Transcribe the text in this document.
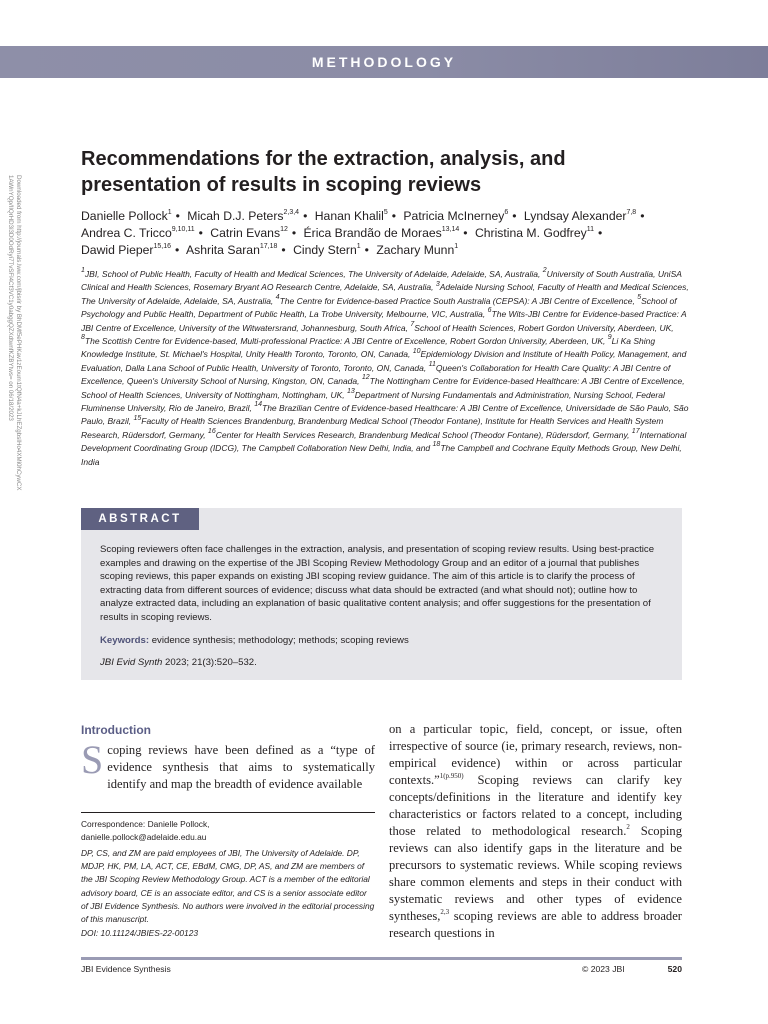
METHODOLOGY
Downloaded from http://journals.lww.com/jbisrir by BhDMf5ePHKav1zEoum1tQfN4a+kJLhEZgbsIHo4XMi0hCywCX
1AWnYQp/IlQrHD3i3D0OdRyi7TvSFl4Cf3VC1y0abggQZXdtwnfKZBYtws= on 06/18/2023
Recommendations for the extraction, analysis, and presentation of results in scoping reviews
Danielle Pollock$^1$ • Micah D.J. Peters$^{2,3,4}$ • Hanan Khalil$^5$ • Patricia McInerney$^6$ • Lyndsay Alexander$^{7,8}$ •
Andrea C. Tricco$^{9,10,11}$ • Catrin Evans$^{12}$ • Érica Brandão de Moraes$^{13,14}$ • Christina M. Godfrey$^{11}$ •
Dawid Pieper$^{15,16}$ • Ashrita Saran$^{17,18}$ • Cindy Stern$^1$ • Zachary Munn$^1$
$^1$JBI, School of Public Health, Faculty of Health and Medical Sciences, The University of Adelaide, Adelaide, SA, Australia, $^2$University of South Australia, UniSA Clinical and Health Sciences, Rosemary Bryant AO Research Centre, Adelaide, SA, Australia, $^3$Adelaide Nursing School, Faculty of Health and Medical Sciences, The University of Adelaide, Adelaide, SA, Australia, $^4$The Centre for Evidence-based Practice South Australia (CEPSA): A JBI Centre of Excellence, $^5$School of Psychology and Public Health, Department of Public Health, La Trobe University, Melbourne, VIC, Australia, $^6$The Wits-JBI Centre for Evidence-based Practice: A JBI Centre of Excellence, University of the Witwatersrand, Johannesburg, South Africa, $^7$School of Health Sciences, Robert Gordon University, Aberdeen, UK, $^8$The Scottish Centre for Evidence-based, Multi-professional Practice: A JBI Centre of Excellence, Robert Gordon University, Aberdeen, UK, $^9$Li Ka Shing Knowledge Institute, St. Michael's Hospital, Unity Health Toronto, Toronto, ON, Canada, $^{10}$Epidemiology Division and Institute of Health Policy, Management, and Evaluation, Dalla Lana School of Public Health, University of Toronto, Toronto, ON, Canada, $^{11}$Queen's Collaboration for Health Care Quality: A JBI Centre of Excellence, Queen's University School of Nursing, Kingston, ON, Canada, $^{12}$The Nottingham Centre for Evidence-based Healthcare: A JBI Centre of Excellence, School of Health Sciences, University of Nottingham, Nottingham, UK, $^{13}$Department of Nursing Fundamentals and Administration, Nursing School, Federal Fluminense University, Rio de Janeiro, Brazil, $^{14}$The Brazilian Centre of Evidence-based Healthcare: A JBI Centre of Excellence, Universidade de São Paulo, São Paulo, Brazil, $^{15}$Faculty of Health Sciences Brandenburg, Brandenburg Medical School (Theodor Fontane), Institute for Health Services and Health System Research, Rüdersdorf, Germany, $^{16}$Center for Health Services Research, Brandenburg Medical School (Theodor Fontane), Rüdersdorf, Germany, $^{17}$International Development Coordinating Group (IDCG), The Campbell Collaboration New Delhi, India, and $^{18}$The Campbell and Cochrane Equity Methods Group, New Delhi, India
ABSTRACT

Scoping reviewers often face challenges in the extraction, analysis, and presentation of scoping review results. Using best-practice examples and drawing on the expertise of the JBI Scoping Review Methodology Group and an editor of a journal that publishes scoping reviews, this paper expands on existing JBI scoping review guidance. The aim of this article is to clarify the process of extracting data from different sources of evidence; discuss what data should be extracted (and what should not); outline how to analyze extracted data, including an explanation of basic qualitative content analysis; and offer suggestions for the presentation of results in scoping reviews.

Keywords: evidence synthesis; methodology; methods; scoping reviews

JBI Evid Synth 2023; 21(3):520–532.

Introduction
Scoping reviews have been defined as a “type of evidence synthesis that aims to systematically identify and map the breadth of evidence available
Correspondence: Danielle Pollock,
danielle.pollock@adelaide.edu.au

DP, CS, and ZM are paid employees of JBI, The University of Adelaide. DP, MDJP, HK, PM, LA, ACT, CE, EBdM, CMG, DP, AS, and ZM are members of the JBI Scoping Review Methodology Group. ACT is a member of the editorial advisory board, CE is an associate editor, and CS is a senior associate editor of JBI Evidence Synthesis. No authors were involved in the editorial processing of this manuscript.

DOI: 10.11124/JBIES-22-00123

on a particular topic, field, concept, or issue, often irrespective of source (ie, primary research, reviews, non-empirical evidence) within or across particular contexts.”$^{1(p.950)}$ Scoping reviews can clarify key concepts/definitions in the literature and identify key characteristics or factors related to a concept, including those related to methodological research.$^2$ Scoping reviews can also identify gaps in the literature and be precursors to systematic reviews. While scoping reviews share common elements and steps in their conduct with systematic reviews and other types of evidence syntheses,$^{2,3}$ scoping reviews are able to address broader research questions in
JBI Evidence Synthesis	© 2023 JBI	520
